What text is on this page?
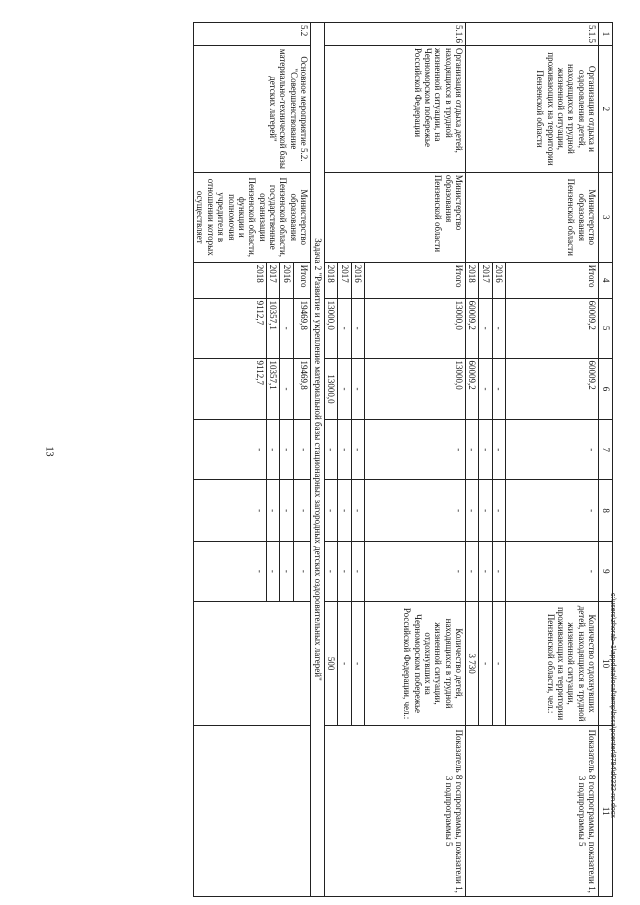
13
1	2	3	4	5	6	7	8	9	10	11
5.1.5	Организация отдыха и оздоровления детей, находящихся в трудной жизненной ситуации, проживающих на территории Пензенской области	Министерство образования Пензенской области	Итого	60009,2	60009,2	-	-	-	Количество отдохнувших детей, находящихся в трудной жизненной ситуации, проживающих на территории Пензенской области, чел.:	Показатель 8 госпрограммы, показатели 1, 3 подпрограммы 5
			2016	-	-	-	-	-	-	
			2017	-	-	-	-	-	-	
			2018	60009,2	60009,2	-	-	-	3 730	
5.1.6	Организация отдыха детей, находящихся в трудной жизненной ситуации, на Черноморском побережье Российской Федерации	Министерство образования Пензенской области	Итого	13000,0	13000,0	-	-	-	Количество детей, находящихся в трудной жизненной ситуации, отдохнувших на Черноморском побережье Российской Федерации, чел.:	Показатель 8 госпрограммы, показатели 1, 3 подпрограммы 5
			2016	-	-	-	-	-	-	
			2017	-	-	-	-	-	-	
			2018	13000,0	13000,0	-	-	-	500	
Задача 2 "Развитие и укрепление материальной базы стационарных загородных детских оздоровительных лагерей"										
5.2	Основное мероприятие 5.2. "Совершенствование материально-технической базы детских лагерей"	Министерство образования Пензенской области, государственные организации Пензенской области, функции и полномочия учредителя в отношении которых осуществляет	Итого	19469,8	19469,8	-	-	-		
			2016	-	-	-	-	-		
			2017	10357,1	10357,1	-	-	-		
			2018	9112,7	9112,7	-	-	-		
c:\users\zhorab~1\appdata\local\temp\bssa\pcenter\8794\d0232-nn.docx
